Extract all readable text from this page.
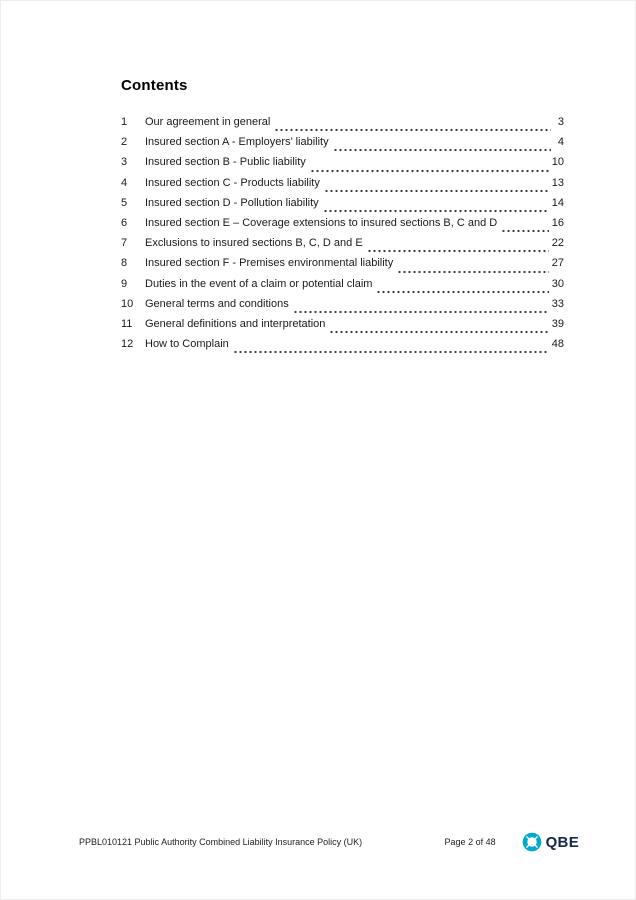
Contents
1	Our agreement in general	3
2	Insured section A - Employers’ liability	4
3	Insured section B - Public liability	10
4	Insured section C - Products liability	13
5	Insured section D - Pollution liability	14
6	Insured section E – Coverage extensions to insured sections B, C and D	16
7	Exclusions to insured sections B, C, D and E	22
8	Insured section F - Premises environmental liability	27
9	Duties in the event of a claim or potential claim	30
10	General terms and conditions	33
11	General definitions and interpretation	39
12	How to Complain	48
PPBL010121 Public Authority Combined Liability Insurance Policy (UK)	Page 2 of 48	QBE
